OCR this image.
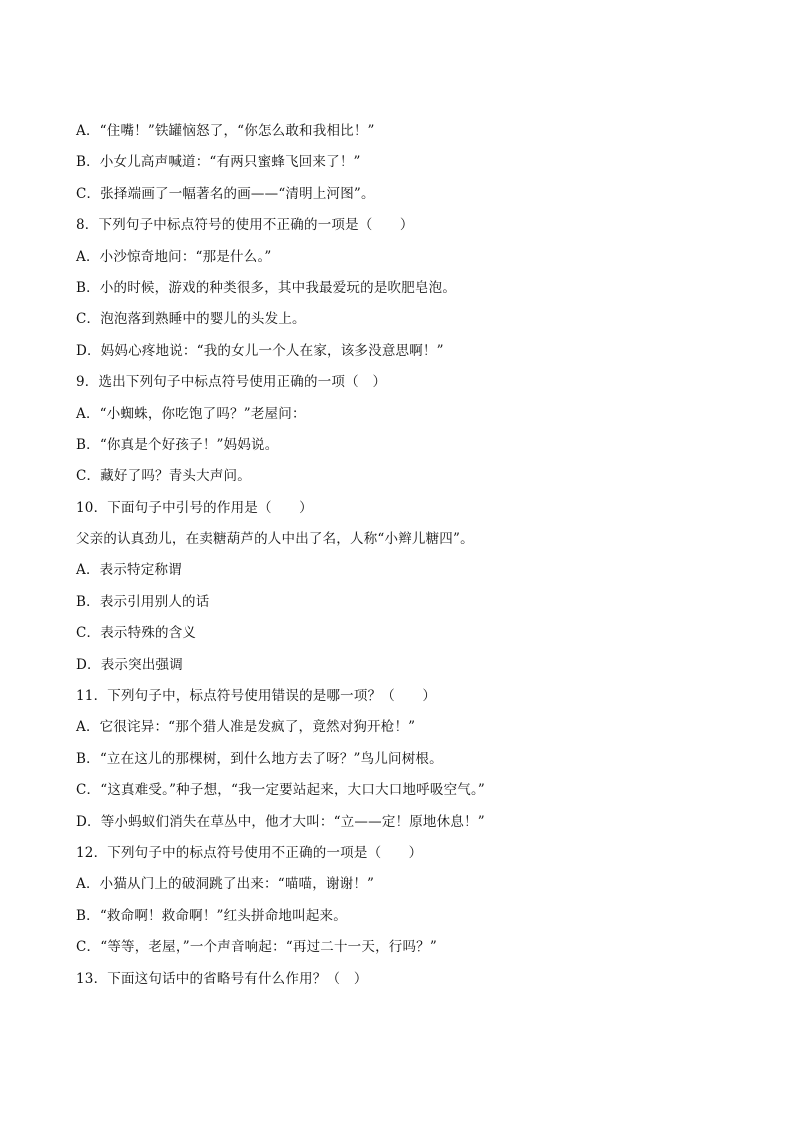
A．“住嘴！”铁罐恼怒了，“你怎么敢和我相比！”
B．小女儿高声喊道：“有两只蜜蜂飞回来了！”
C．张择端画了一幅著名的画——“清明上河图”。
8．下列句子中标点符号的使用不正确的一项是（　　）
A．小沙惊奇地问：“那是什么。”
B．小的时候，游戏的种类很多，其中我最爱玩的是吹肥皂泡。
C．泡泡落到熟睡中的婴儿的头发上。
D．妈妈心疼地说：“我的女儿一个人在家，该多没意思啊！”
9．选出下列句子中标点符号使用正确的一项（　）
A．“小蜘蛛，你吃饱了吗？”老屋问：
B．“你真是个好孩子！”妈妈说。
C．藏好了吗？青头大声问。
10．下面句子中引号的作用是（　　）
父亲的认真劲儿，在卖糖葫芦的人中出了名，人称“小辫儿糖四”。
A．表示特定称谓
B．表示引用别人的话
C．表示特殊的含义
D．表示突出强调
11．下列句子中，标点符号使用错误的是哪一项？（　　）
A．它很诧异：“那个猎人准是发疯了，竟然对狗开枪！”
B．“立在这儿的那棵树，到什么地方去了呀？”鸟儿问树根。
C．“这真难受。”种子想，“我一定要站起来，大口大口地呼吸空气。”
D．等小蚂蚁们消失在草丛中，他才大叫：“立——定！原地休息！”
12．下列句子中的标点符号使用不正确的一项是（　　）
A．小猫从门上的破洞跳了出来：“喵喵，谢谢！”
B．“救命啊！救命啊！”红头拼命地叫起来。
C．“等等，老屋，”一个声音响起：“再过二十一天，行吗？”
13．下面这句话中的省略号有什么作用？（　）
